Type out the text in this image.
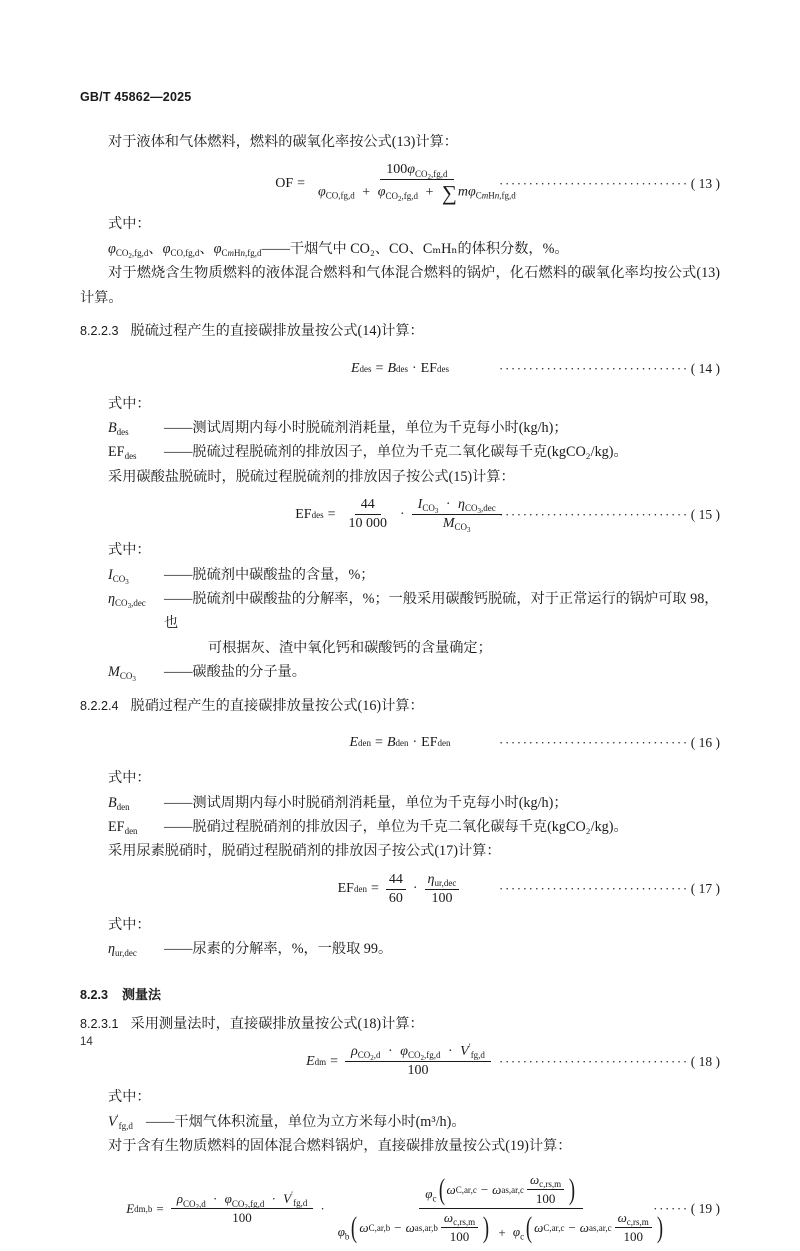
GB/T 45862—2025
对于液体和气体燃料，燃料的碳氧化率按公式(13)计算：
OF =
$100\varphi_{CO_2,fg,d}$
$\varphi_{CO,fg,d} + \varphi_{CO_2,fg,d} + \sum m\varphi_{CmHn,fg,d}$
································ ( 13 )
式中：
$\varphi_{CO_2,fg,d}$、$\varphi_{CO,fg,d}$、$\varphi_{CmHn,fg,d}$ ——干烟气中 CO₂、CO、CₘHₙ的体积分数，%。
对于燃烧含生物质燃料的液体混合燃料和气体混合燃料的锅炉，化石燃料的碳氧化率均按公式(13)计算。
8.2.2.3 脱硫过程产生的直接碳排放量按公式(14)计算：
E des = B des · EF des	································ ( 14 )
式中：
$B_{des}$	——测试周期内每小时脱硫剂消耗量，单位为千克每小时(kg/h)；
$EF_{des}$	——脱硫过程脱硫剂的排放因子，单位为千克二氧化碳每千克(kgCO₂/kg)。
采用碳酸盐脱硫时，脱硫过程脱硫剂的排放因子按公式(15)计算：
EF des = $\frac{44}{10 000} \cdot \frac{I_{CO_3} \cdot \eta_{CO_3,dec}}{M_{CO_3}}$
································ ( 15 )
式中：
$I_{CO_3}$	——脱硫剂中碳酸盐的含量，%；
$\eta_{CO_3,dec}$	——脱硫剂中碳酸盐的分解率，%；一般采用碳酸钙脱硫，对于正常运行的锅炉可取 98，也
可根据灰、渣中氧化钙和碳酸钙的含量确定；
$M_{CO_3}$	——碳酸盐的分子量。
8.2.2.4 脱硝过程产生的直接碳排放量按公式(16)计算：
E den = B den · EF den	································ ( 16 )
式中：
$B_{den}$	——测试周期内每小时脱硝剂消耗量，单位为千克每小时(kg/h)；
$EF_{den}$	——脱硝过程脱硝剂的排放因子，单位为千克二氧化碳每千克(kgCO₂/kg)。
采用尿素脱硝时，脱硝过程脱硝剂的排放因子按公式(17)计算：
EF den = $\frac{44}{60} \cdot \frac{\eta_{ur,dec}}{100}$	································ ( 17 )
式中：
$\eta_{ur,dec}$	——尿素的分解率，%，一般取 99。
8.2.3 测量法
8.2.3.1 采用测量法时，直接碳排放量按公式(18)计算：
E dm =
$\rho_{CO_2,d} \cdot \varphi_{CO_2,fg,d} \cdot V'_{fg,d}$
100
································ ( 18 )
式中：
$V'_{fg,d}$ ——干烟气体积流量，单位为立方米每小时(m³/h)。
对于含有生物质燃料的固体混合燃料锅炉，直接碳排放量按公式(19)计算：
E dm,b =
$\rho_{CO_2,d} \cdot \varphi_{CO_2,fg,d} \cdot V'_{fg,d}$
100
·
$\varphi_c$ ( ω C,ar,c − ω $as,ar,c \frac{\omega_{c,rs,m}}{100}$ )
$\varphi_b$ ( ω C,ar,b − ω $as,ar,b \frac{\omega_{c,rs,m}}{100}$ ) + $\varphi_c$ ( ω C,ar,c − ω $as,ar,c \frac{\omega_{c,rs,m}}{100}$ )
······ ( 19 )
14
